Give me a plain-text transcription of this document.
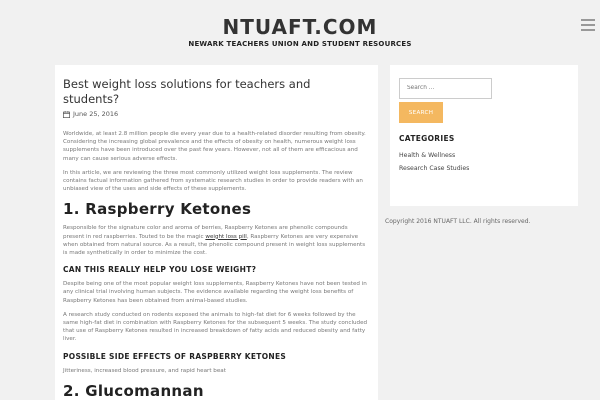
NTUAFT.COM
NEWARK TEACHERS UNION AND STUDENT RESOURCES
Best weight loss solutions for teachers and students?
June 25, 2016

Worldwide, at least 2.8 million people die every year due to a health-related disorder resulting from obesity. Considering the increasing global prevalence and the effects of obesity on health, numerous weight loss supplements have been introduced over the past few years. However, not all of them are efficacious and many can cause serious adverse effects.

In this article, we are reviewing the three most commonly utilized weight loss supplements. The review contains factual information gathered from systematic research studies in order to provide readers with an unbiased view of the uses and side effects of these supplements.

1. Raspberry Ketones

Responsible for the signature color and aroma of berries, Raspberry Ketones are phenolic compounds present in red raspberries. Touted to be the magic weight loss pill, Raspberry Ketones are very expensive when obtained from natural source. As a result, the phenolic compound present in weight loss supplements is made synthetically in order to minimize the cost.

CAN THIS REALLY HELP YOU LOSE WEIGHT?

Despite being one of the most popular weight loss supplements, Raspberry Ketones have not been tested in any clinical trial involving human subjects. The evidence available regarding the weight loss benefits of Raspberry Ketones has been obtained from animal-based studies.

A research study conducted on rodents exposed the animals to high-fat diet for 6 weeks followed by the same high-fat diet in combination with Raspberry Ketones for the subsequent 5 weeks. The study concluded that use of Raspberry Ketones resulted in increased breakdown of fatty acids and reduced obesity and fatty liver.

POSSIBLE SIDE EFFECTS OF RASPBERRY KETONES

Jitteriness, increased blood pressure, and rapid heart beat

2. Glucomannan
Search ...
SEARCH
CATEGORIES
Health & Wellness
Research Case Studies
Copyright 2016 NTUAFT LLC. All rights reserved.
